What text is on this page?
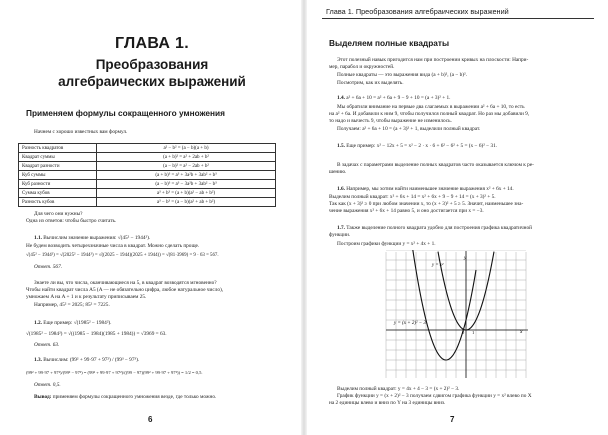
ГЛАВА 1.
Преобразования
алгебраических выражений
Применяем формулы сокращенного умножения
Начнем с хорошо известных вам формул.
Разность квадратов	a² − b² = (a − b)(a + b)
Квадрат суммы	(a + b)² = a² + 2ab + b²
Квадрат разности	(a − b)² = a² − 2ab + b²
Куб суммы	(a + b)³ = a³ + 3a²b + 3ab² + b³
Куб разности	(a − b)³ = a³ − 3a²b + 3ab² − b³
Сумма кубов	a³ + b³ = (a + b)(a² − ab + b²)
Разность кубов	a³ − b³ = (a − b)(a² + ab + b²)
Для чего они нужны?
Одна из ответов: чтобы быстро считать.
1.1. Вычислим значение выражения: √(45² − 1944²).
Не будем возводить четырехзначные числа в квадрат. Можно сделать проще.
√(45² − 1944²) = √(2025² − 1944²) = √((2025 − 1944)(2025 + 1944)) = √(81·3969) = 9 · 63 = 567.
Ответ. 567.
Знаете ли вы, что числа, оканчивающиеся на 5, в квадрат возводятся мгновенно?
Чтобы найти квадрат числа A5 (A — не обязательно цифра, любое натуральное число),
умножаем A на A + 1 и к результату приписываем 25.
Например, 45² = 2025; 85² = 7225.
1.2. Еще пример: √(1985² − 1984²).
√(1985² − 1984²) = √((1985 − 1984)(1985 + 1984)) = √3969 = 63.
Ответ. 63.
1.3. Вычислим: (99² + 99·97 + 97²) / (99³ − 97³).
(99² + 99·97 + 97²)/(99³ − 97³) = (99² + 99·97 + 97²)/((99 − 97)(99² + 99·97 + 97²)) = 1/2 = 0,5.
Ответ. 0,5.
Вывод: применяем формулы сокращенного умножения везде, где только можно.
6
Глава 1. Преобразования алгебраических выражений
Выделяем полные квадраты
Этот полезный навык пригодится нам при построении кривых на плоскости: Напри-
мер, парабол и окружностей.
Полные квадраты — это выражения вида (a + b)², (a − b)².
Посмотрим, как их выделять.
1.4. a² + 6a + 10 = a² + 6a + 9 − 9 + 10 = (a + 3)² + 1.
Мы обратили внимание на первые два слагаемых в выражении a² + 6a + 10, то есть
на a² + 6a. И добавили к ним 9, чтобы получился полный квадрат. Но раз мы добавили 9,
то надо и вычесть 9, чтобы выражение не изменилось.
Получаем: a² + 6a + 10 = (a + 3)² + 1, выделили полный квадрат.
1.5. Еще пример: x² − 12x + 5 = x² − 2 · x · 6 + 6² − 6² + 5 = (x − 6)² − 31.
В задачах с параметрами выделение полных квадратов часто оказывается ключом к ре-
шению.
1.6. Например, мы хотим найти наименьшее значение выражения x² + 6x + 14.
Выделим полный квадрат: x² + 6x + 14 = x² + 6x + 9 − 9 + 14 = (x + 3)² + 5.
Так как (x + 3)² ≥ 0 при любом значении x, то (x + 3)² + 5 ≥ 5. Значит, наименьшее зна-
чение выражения x² + 6x + 14 равно 5, и оно достигается при x = −3.
1.7. Также выделение полного квадрата удобно для построения графика квадратичной
функции.
Построим графики функции y = x² + 4x + 1.
y = x²
y
y = (x + 2)² − 3
x
0 1
Выделим полный квадрат: y = 4x + 4 − 3 = (x + 2)² − 3.
График функции y = (x + 2)² − 3 получаем сдвигом графика функции y = x² влево по X
на 2 единицы влево и вниз по Y на 3 единицы вниз.
7
